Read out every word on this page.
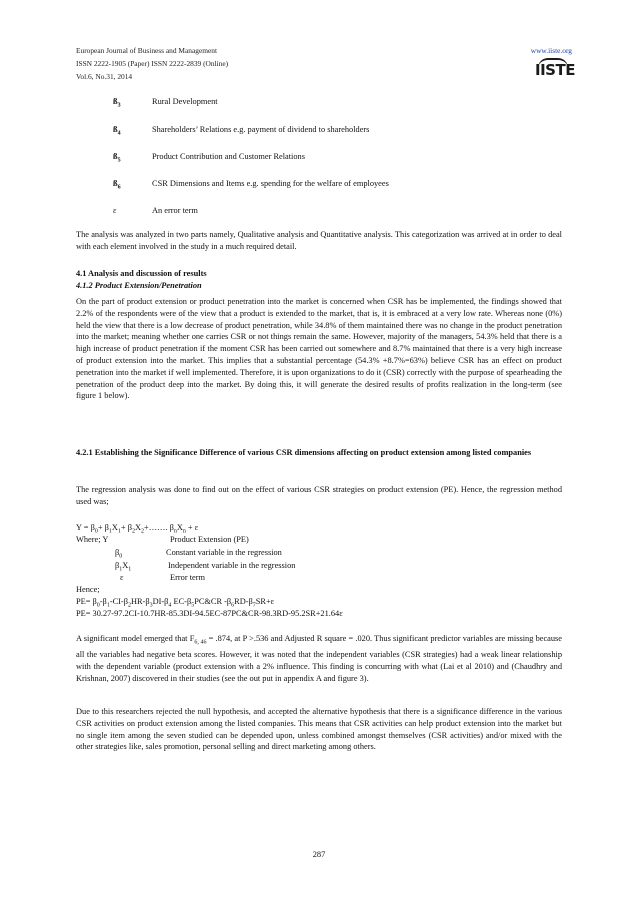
European Journal of Business and Management
ISSN 2222-1905 (Paper) ISSN 2222-2839 (Online)
Vol.6, No.31, 2014
www.iiste.org
IISTE
$ß_3$	Rural Development
$ß_4$	Shareholders’ Relations e.g. payment of dividend to shareholders
$ß_5$	Product Contribution and Customer Relations
$ß_6$	CSR Dimensions and Items e.g. spending for the welfare of employees
ε	An error term
The analysis was analyzed in two parts namely, Qualitative analysis and Quantitative analysis. This categorization was arrived at in order to deal with each element involved in the study in a much required detail.
4.1 Analysis and discussion of results
4.1.2 Product Extension/Penetration
On the part of product extension or product penetration into the market is concerned when CSR has be implemented, the findings showed that 2.2% of the respondents were of the view that a product is extended to the market, that is, it is embraced at a very low rate. Whereas none (0%) held the view that there is a low decrease of product penetration, while 34.8% of them maintained there was no change in the product penetration into the market; meaning whether one carries CSR or not things remain the same. However, majority of the managers, 54.3% held that there is a high increase of product penetration if the moment CSR has been carried out somewhere and 8.7% maintained that there is a very high increase of product extension into the market. This implies that a substantial percentage (54.3% +8.7%=63%) believe CSR has an effect on product penetration into the market if well implemented. Therefore, it is upon organizations to do it (CSR) correctly with the purpose of spearheading the penetration of the product deep into the market. By doing this, it will generate the desired results of profits realization in the long-term (see figure 1 below).
4.2.1 Establishing the Significance Difference of various CSR dimensions affecting on product extension among listed companies
The regression analysis was done to find out on the effect of various CSR strategies on product extension (PE). Hence, the regression method used was;
$Y = \beta_0+ \beta_1X_1+$ $\beta_2X_2+\dots\dots$. $\beta_nX_n + \varepsilon$
Where; Y	Product Extension (PE)
$\beta_0$	Constant variable in the regression
$\beta_1X_1$	Independent variable in the regression
ε	Error term
Hence;
$PE= \beta_0-\beta_1-CI-\beta_2HR-\beta_3DI-\beta_4$ $EC-\beta_5PC\&CR$ $-\beta_6RD-\beta_7SR+\varepsilon$
PE= 30.27-97.2CI-10.7HR-85.3DI-94.5EC-87PC&CR-98.3RD-95.2SR+21.64ε
A significant model emerged that $F_{6, 46} = .874$, at P >.536 and Adjusted R square = .020. Thus significant predictor variables are missing because all the variables had negative beta scores. However, it was noted that the independent variables (CSR strategies) had a weak linear relationship with the dependent variable (product extension with a 2% influence. This finding is concurring with what (Lai et al 2010) and (Chaudhry and Krishnan, 2007) discovered in their studies (see the out put in appendix A and figure 3).
Due to this researchers rejected the null hypothesis, and accepted the alternative hypothesis that there is a significance difference in the various CSR activities on product extension among the listed companies. This means that CSR activities can help product extension into the market but no single item among the seven studied can be depended upon, unless combined amongst themselves (CSR activities) and/or mixed with the other strategies like, sales promotion, personal selling and direct marketing among others.
287
